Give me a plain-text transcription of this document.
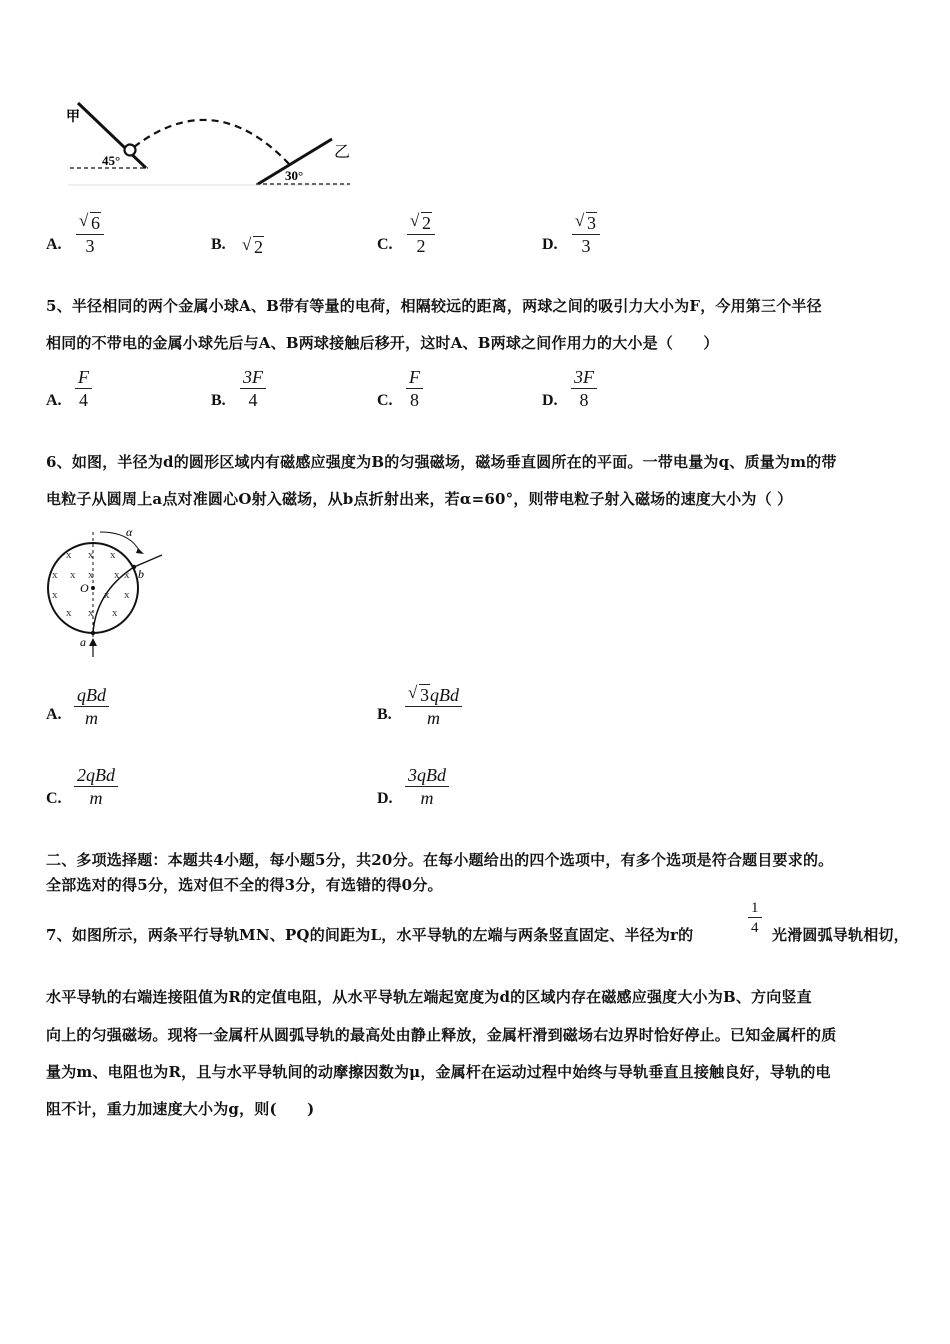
甲
乙
45°
30°
A. √ $\frac{6}{3}$	B.	√ 2	C. √ $\frac{2}{2}$	D. √ $\frac{3}{3}$
5、半径相同的两个金属小球A、B带有等量的电荷，相隔较远的距离，两球之间的吸引力大小为F，今用第三个半径
相同的不带电的金属小球先后与A、B两球接触后移开，这时A、B两球之间作用力的大小是（　　）
A. $\frac{F}{4}$	B. $\frac{3F}{4}$	C. $\frac{F}{8}$	D. $\frac{3F}{8}$
6、如图，半径为d的圆形区域内有磁感应强度为B的匀强磁场，磁场垂直圆所在的平面。一带电量为q、质量为m的带
电粒子从圆周上a点对准圆心O射入磁场，从b点折射出来，若α=60°，则带电粒子射入磁场的速度大小为（ ）
x x x
x x x x x
x	x x
x x x
α
b
O
a
A.
qBd
m	B.
√ 3qBd
m
C.
2qBd
m	D.
3qBd
m
二、多项选择题：本题共4小题，每小题5分，共20分。在每小题给出的四个选项中，有多个选项是符合题目要求的。
全部选对的得5分，选对但不全的得3分，有选错的得0分。
7、如图所示，两条平行导轨MN、PQ的间距为L，水平导轨的左端与两条竖直固定、半径为r的	$\frac{1}{4}$ 光滑圆弧导轨相切，
水平导轨的右端连接阻值为R的定值电阻，从水平导轨左端起宽度为d的区域内存在磁感应强度大小为B、方向竖直
向上的匀强磁场。现将一金属杆从圆弧导轨的最高处由静止释放，金属杆滑到磁场右边界时恰好停止。已知金属杆的质
量为m、电阻也为R，且与水平导轨间的动摩擦因数为μ，金属杆在运动过程中始终与导轨垂直且接触良好，导轨的电
阻不计，重力加速度大小为g，则(　　)
